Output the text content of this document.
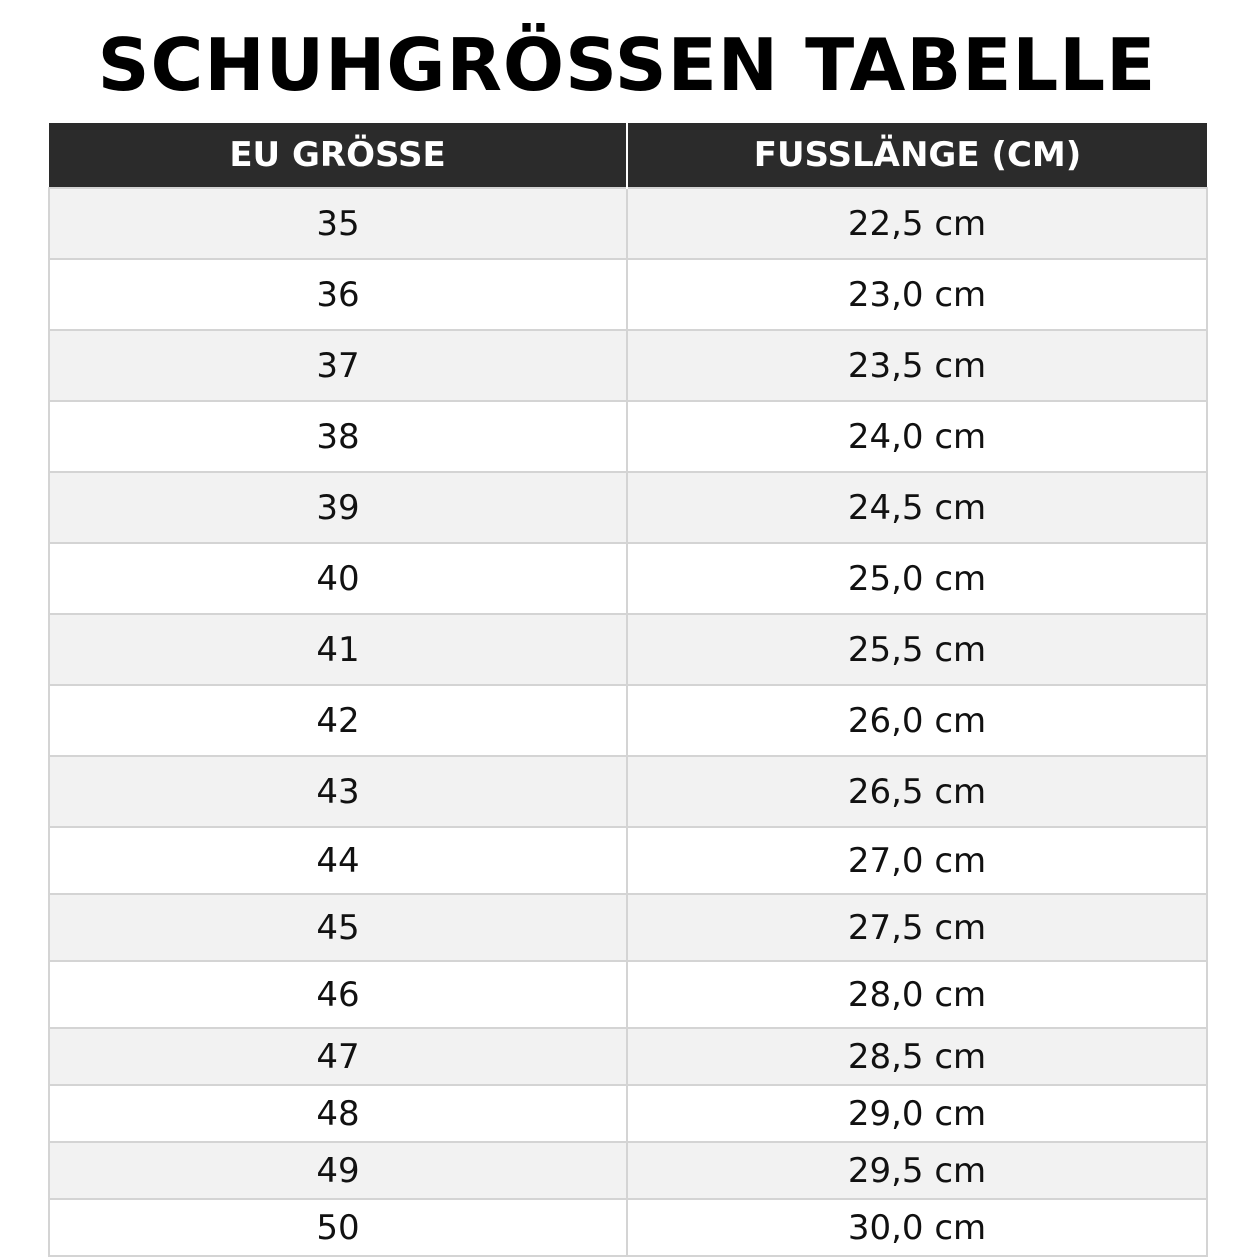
SCHUHGRÖSSEN TABELLE
EU GRÖSSE	FUSSLÄNGE (CM)
35	22,5 cm
36	23,0 cm
37	23,5 cm
38	24,0 cm
39	24,5 cm
40	25,0 cm
41	25,5 cm
42	26,0 cm
43	26,5 cm
44	27,0 cm
45	27,5 cm
46	28,0 cm
47	28,5 cm
48	29,0 cm
49	29,5 cm
50	30,0 cm
